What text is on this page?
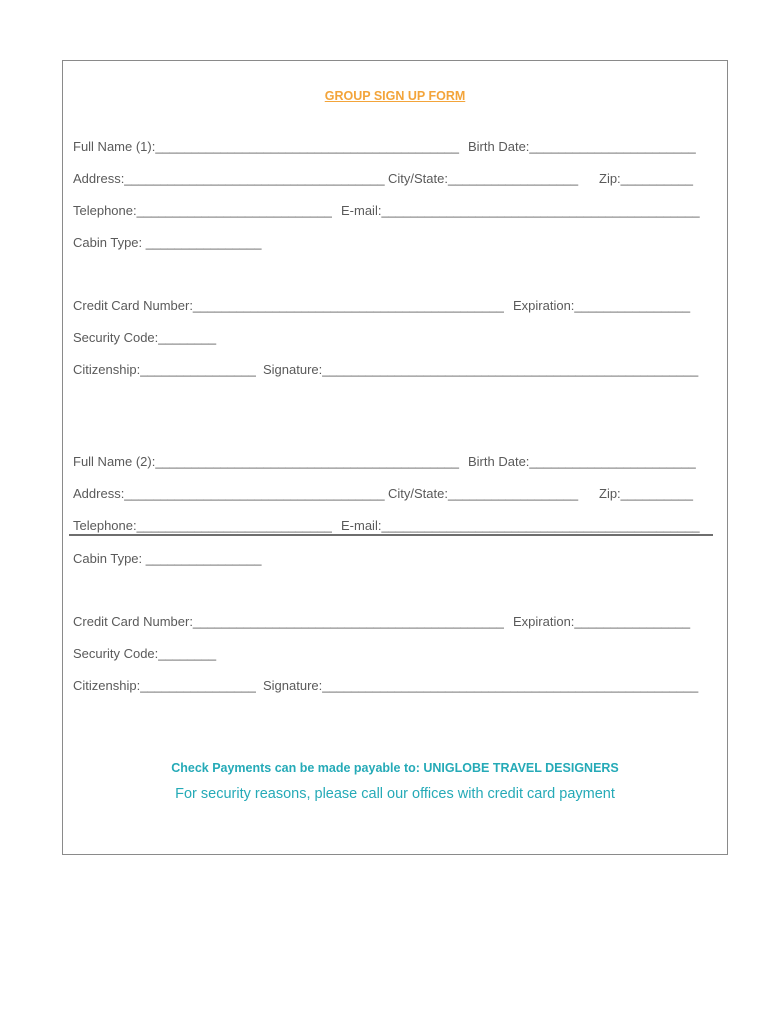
GROUP SIGN UP FORM
Full Name (1):__________________________________________ Birth Date:_______________________
Address:____________________________________ City/State:__________________ Zip:__________
Telephone:___________________________ E-mail:____________________________________________
Cabin Type: ________________
Credit Card Number:___________________________________________ Expiration:________________
Security Code:________
Citizenship:________________ Signature:____________________________________________________
Full Name (2):__________________________________________ Birth Date:_______________________
Address:____________________________________ City/State:__________________ Zip:__________
Telephone:___________________________ E-mail:____________________________________________
Cabin Type: ________________
Credit Card Number:___________________________________________ Expiration:________________
Security Code:________
Citizenship:________________ Signature:____________________________________________________
Check Payments can be made payable to: UNIGLOBE TRAVEL DESIGNERS
For security reasons, please call our offices with credit card payment
